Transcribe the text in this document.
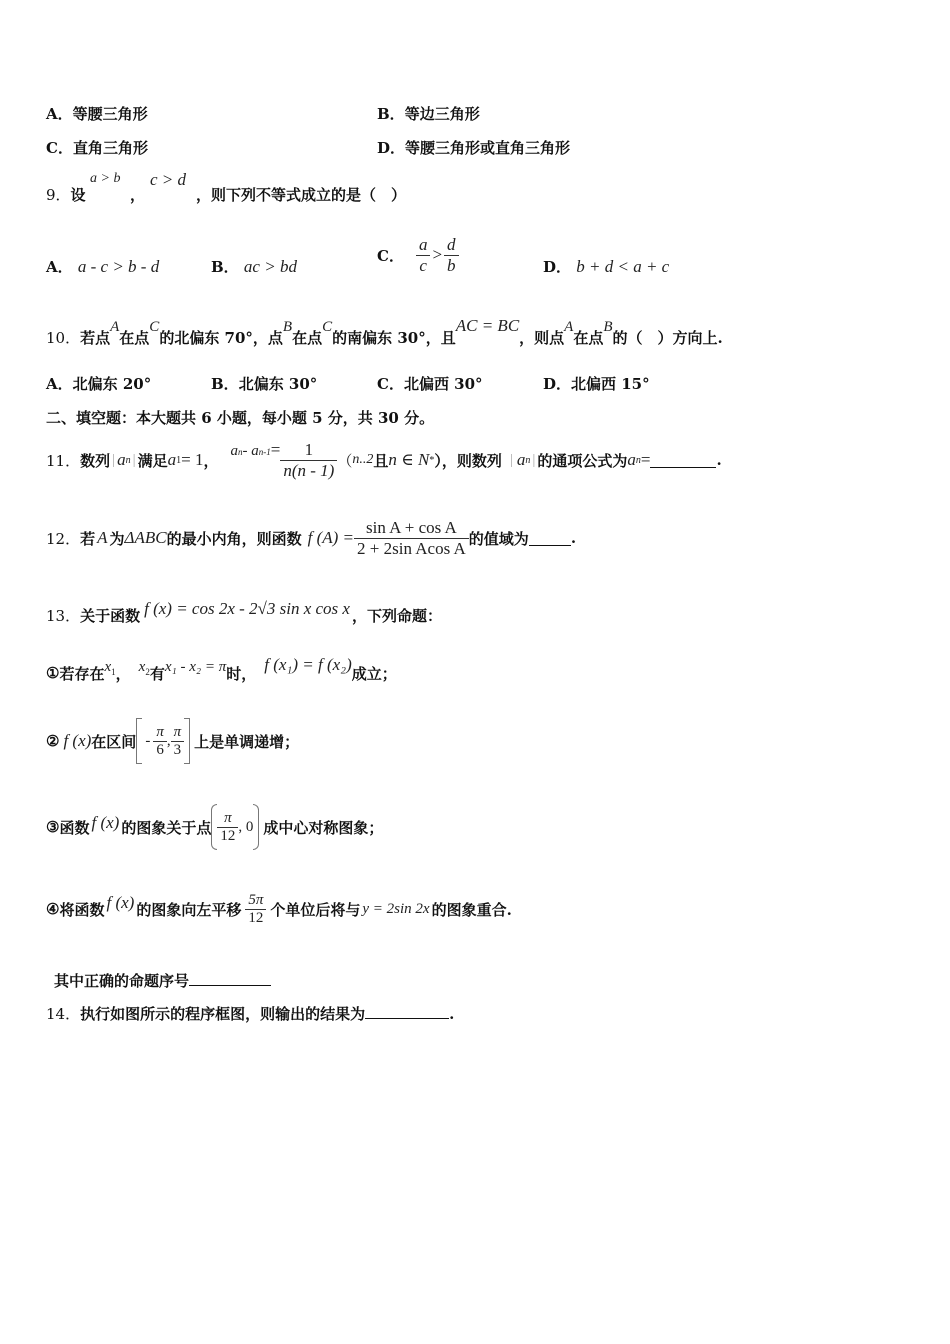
A．等腰三角形	B．等边三角形
C．直角三角形	D．等腰三角形或直角三角形
9．设
a > b
，
c > d
，则下列不等式成立的是（　）
A． a - c > b - d	B． ac > bd
C． $\frac{a}{c} > \frac{d}{b}$	D． b + d < a + c
10．若点A在点C的北偏东 70°，点B在点C的南偏东 30°，且AC = BC，则点A在点B的（　）方向上.
A．北偏东 20°	B．北偏东 30°	C．北偏西 30°	D．北偏西 15°
二、填空题：本大题共 6 小题，每小题 5 分，共 30 分。
11． 数列 | a n | 满足 a 1 = 1 ，
a n - a $n-1 = \frac{1}{n(n - 1)}$ （ n..2 且 n ∈ N * ），则数列 | a n | 的通项公式为 a n =	.
12． 若 A 为 ΔABC 的最小内角，则函数 f $(A) = \frac{\text{sin A + cos A}}{\text{2 + 2sin Acos A}}$ 的值域为	.
13． 关于函数 f (x) = cos 2x - 2√3 sin x cos x ，下列命题：
① 若存在 $x_1$ ， $x_2$ 有 x₁ - x₂ = π 时， f (x₁) = f (x₂) 成立；
② f (x) 在区间 - $\frac{\pi}{6}$ , $\frac{\pi}{3}$ 上是单调递增；
③ 函数 f (x) 的图象关于点 $\frac{\pi}{12}$ , 0 成中心对称图象；
④ 将函数 f (x) 的图象向左平移 $\frac{5\pi}{12}$ 个单位后将与 y = 2sin 2x 的图象重合.
其中正确的命题序号
14．执行如图所示的程序框图，则输出的结果为	.
